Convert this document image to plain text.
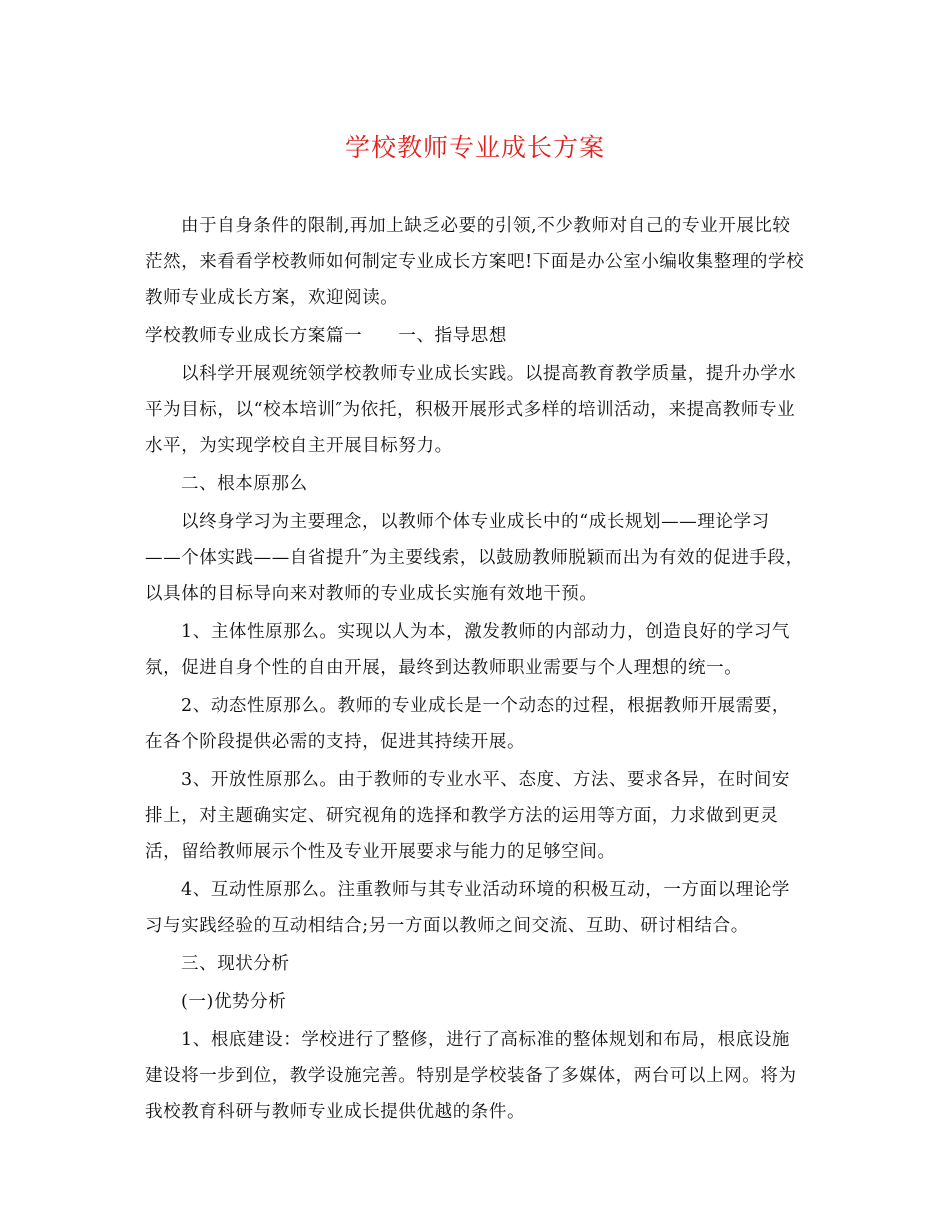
学校教师专业成长方案

由于自身条件的限制,再加上缺乏必要的引领,不少教师对自己的专业开展比较茫然，来看看学校教师如何制定专业成长方案吧!下面是办公室小编收集整理的学校教师专业成长方案，欢迎阅读。

学校教师专业成长方案篇一　　一、指导思想

以科学开展观统领学校教师专业成长实践。以提高教育教学质量，提升办学水平为目标，以“校本培训″为依托，积极开展形式多样的培训活动，来提高教师专业水平，为实现学校自主开展目标努力。

二、根本原那么

以终身学习为主要理念，以教师个体专业成长中的“成长规划——理论学习——个体实践——自省提升″为主要线索，以鼓励教师脱颖而出为有效的促进手段，以具体的目标导向来对教师的专业成长实施有效地干预。

1、主体性原那么。实现以人为本，激发教师的内部动力，创造良好的学习气氛，促进自身个性的自由开展，最终到达教师职业需要与个人理想的统一。

2、动态性原那么。教师的专业成长是一个动态的过程，根据教师开展需要，在各个阶段提供必需的支持，促进其持续开展。

3、开放性原那么。由于教师的专业水平、态度、方法、要求各异，在时间安排上，对主题确实定、研究视角的选择和教学方法的运用等方面，力求做到更灵活，留给教师展示个性及专业开展要求与能力的足够空间。

4、互动性原那么。注重教师与其专业活动环境的积极互动，一方面以理论学习与实践经验的互动相结合;另一方面以教师之间交流、互助、研讨相结合。

三、现状分析

(一)优势分析

1、根底建设：学校进行了整修，进行了高标准的整体规划和布局，根底设施建设将一步到位，教学设施完善。特别是学校装备了多媒体，两台可以上网。将为我校教育科研与教师专业成长提供优越的条件。
